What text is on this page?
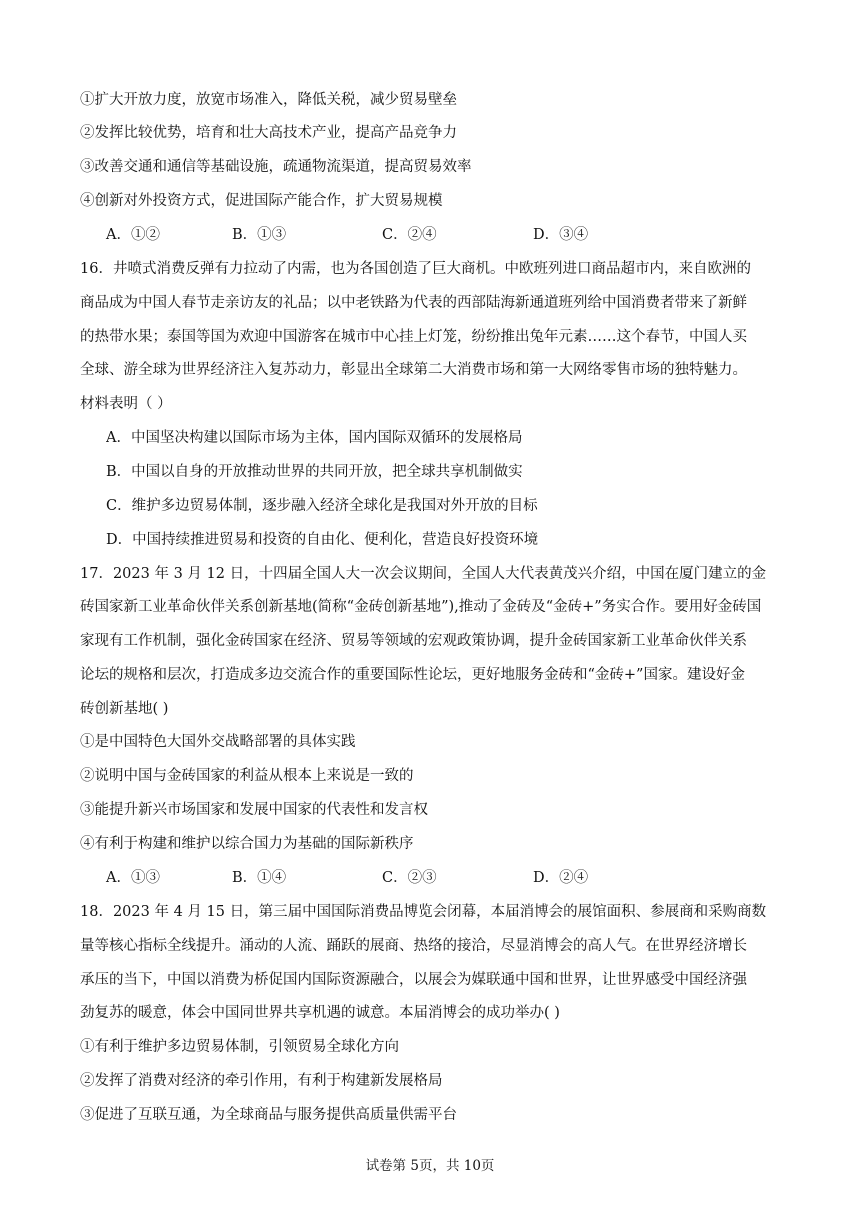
①扩大开放力度，放宽市场准入，降低关税，减少贸易壁垒
②发挥比较优势，培育和壮大高技术产业，提高产品竞争力
③改善交通和通信等基础设施，疏通物流渠道，提高贸易效率
④创新对外投资方式，促进国际产能合作，扩大贸易规模
A．①②	B．①③	C．②④	D．③④
16．井喷式消费反弹有力拉动了内需，也为各国创造了巨大商机。中欧班列进口商品超市内，来自欧洲的
商品成为中国人春节走亲访友的礼品；以中老铁路为代表的西部陆海新通道班列给中国消费者带来了新鲜
的热带水果；泰国等国为欢迎中国游客在城市中心挂上灯笼，纷纷推出兔年元素……这个春节，中国人买
全球、游全球为世界经济注入复苏动力，彰显出全球第二大消费市场和第一大网络零售市场的独特魅力。
材料表明（ ）
A．中国坚决构建以国际市场为主体，国内国际双循环的发展格局
B．中国以自身的开放推动世界的共同开放，把全球共享机制做实
C．维护多边贸易体制，逐步融入经济全球化是我国对外开放的目标
D．中国持续推进贸易和投资的自由化、便利化，营造良好投资环境
17．2023 年 3 月 12 日，十四届全国人大一次会议期间，全国人大代表黄茂兴介绍，中国在厦门建立的金
砖国家新工业革命伙伴关系创新基地(简称“金砖创新基地”),推动了金砖及“金砖+”务实合作。要用好金砖国
家现有工作机制，强化金砖国家在经济、贸易等领域的宏观政策协调，提升金砖国家新工业革命伙伴关系
论坛的规格和层次，打造成多边交流合作的重要国际性论坛，更好地服务金砖和“金砖+”国家。建设好金
砖创新基地( )
①是中国特色大国外交战略部署的具体实践
②说明中国与金砖国家的利益从根本上来说是一致的
③能提升新兴市场国家和发展中国家的代表性和发言权
④有利于构建和维护以综合国力为基础的国际新秩序
A．①③	B．①④	C．②③	D．②④
18．2023 年 4 月 15 日，第三届中国国际消费品博览会闭幕，本届消博会的展馆面积、参展商和采购商数
量等核心指标全线提升。涌动的人流、踊跃的展商、热络的接洽，尽显消博会的高人气。在世界经济增长
承压的当下，中国以消费为桥促国内国际资源融合，以展会为媒联通中国和世界，让世界感受中国经济强
劲复苏的暖意，体会中国同世界共享机遇的诚意。本届消博会的成功举办( )
①有利于维护多边贸易体制，引领贸易全球化方向
②发挥了消费对经济的牵引作用，有利于构建新发展格局
③促进了互联互通，为全球商品与服务提供高质量供需平台
试卷第 5页，共 10页
